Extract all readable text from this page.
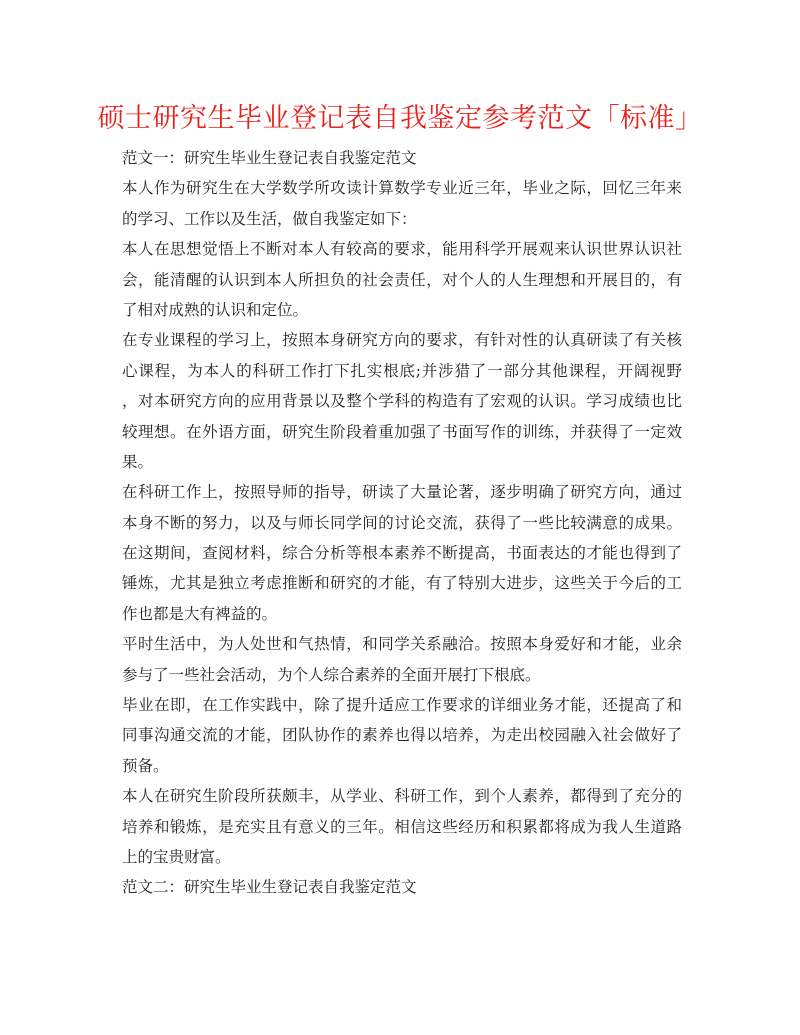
硕士研究生毕业登记表自我鉴定参考范文「标准」
范文一：研究生毕业生登记表自我鉴定范文
本人作为研究生在大学数学所攻读计算数学专业近三年，毕业之际，回忆三年来
的学习、工作以及生活，做自我鉴定如下：
本人在思想觉悟上不断对本人有较高的要求，能用科学开展观来认识世界认识社
会，能清醒的认识到本人所担负的社会责任，对个人的人生理想和开展目的，有
了相对成熟的认识和定位。
在专业课程的学习上，按照本身研究方向的要求，有针对性的认真研读了有关核
心课程，为本人的科研工作打下扎实根底;并涉猎了一部分其他课程，开阔视野
，对本研究方向的应用背景以及整个学科的构造有了宏观的认识。学习成绩也比
较理想。在外语方面，研究生阶段着重加强了书面写作的训练，并获得了一定效
果。
在科研工作上，按照导师的指导，研读了大量论著，逐步明确了研究方向，通过
本身不断的努力，以及与师长同学间的讨论交流，获得了一些比较满意的成果。
在这期间，查阅材料，综合分析等根本素养不断提高，书面表达的才能也得到了
锤炼，尤其是独立考虑推断和研究的才能，有了特别大进步，这些关于今后的工
作也都是大有裨益的。
平时生活中，为人处世和气热情，和同学关系融洽。按照本身爱好和才能，业余
参与了一些社会活动，为个人综合素养的全面开展打下根底。
毕业在即，在工作实践中，除了提升适应工作要求的详细业务才能，还提高了和
同事沟通交流的才能，团队协作的素养也得以培养，为走出校园融入社会做好了
预备。
本人在研究生阶段所获颇丰，从学业、科研工作，到个人素养，都得到了充分的
培养和锻炼，是充实且有意义的三年。相信这些经历和积累都将成为我人生道路
上的宝贵财富。
范文二：研究生毕业生登记表自我鉴定范文
